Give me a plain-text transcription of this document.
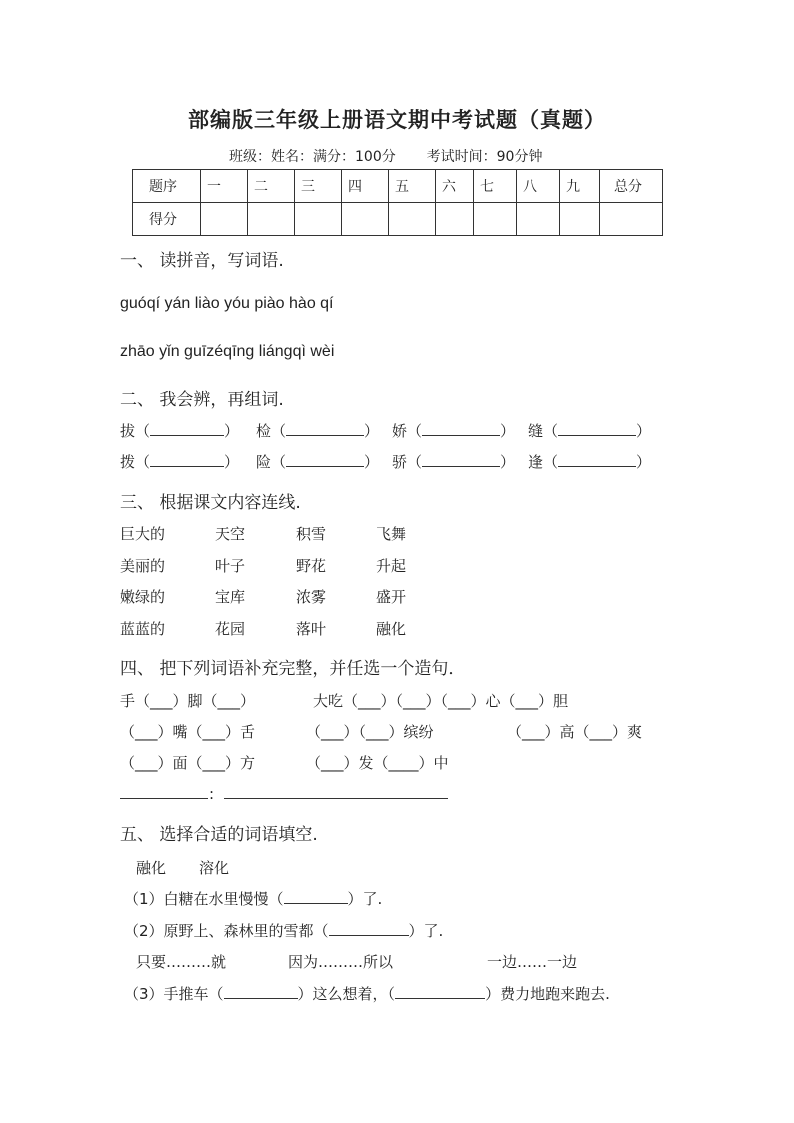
部编版三年级上册语文期中考试题（真题）
班级：姓名：满分：100分 考试时间：90分钟
题序	一	二	三	四	五	六	七	八	九	总分
得分										
一、 读拼音，写词语.
guóqí yán liào yóu piào hào qí
zhāo yǐn guīzéqīng liángqì wèi
二、 我会辨，再组词.
拔（	） 检（	） 娇（	） 缝（	）
拨（	） 险（	） 骄（	） 逢（	）
三、 根据课文内容连线.
巨大的	天空	积雪	飞舞
美丽的	叶子	野花	升起
嫩绿的	宝库	浓雾	盛开
蓝蓝的	花园	落叶	融化
四、 把下列词语补充完整，并任选一个造句．
手（___）脚（___）	大吃（___）（___）（___）心（___）胆
（___）嘴（___）舌	（___）（___）缤纷	（___）高（___）爽
（___）面（___）方	（___）发（____）中
:
五、 选择合适的词语填空.
融化 溶化
（1）白糖在水里慢慢（	）了.
（2）原野上、森林里的雪都（	）了.
只要………就	因为………所以	一边……一边
（3）手推车（	）这么想着，（	）费力地跑来跑去.
